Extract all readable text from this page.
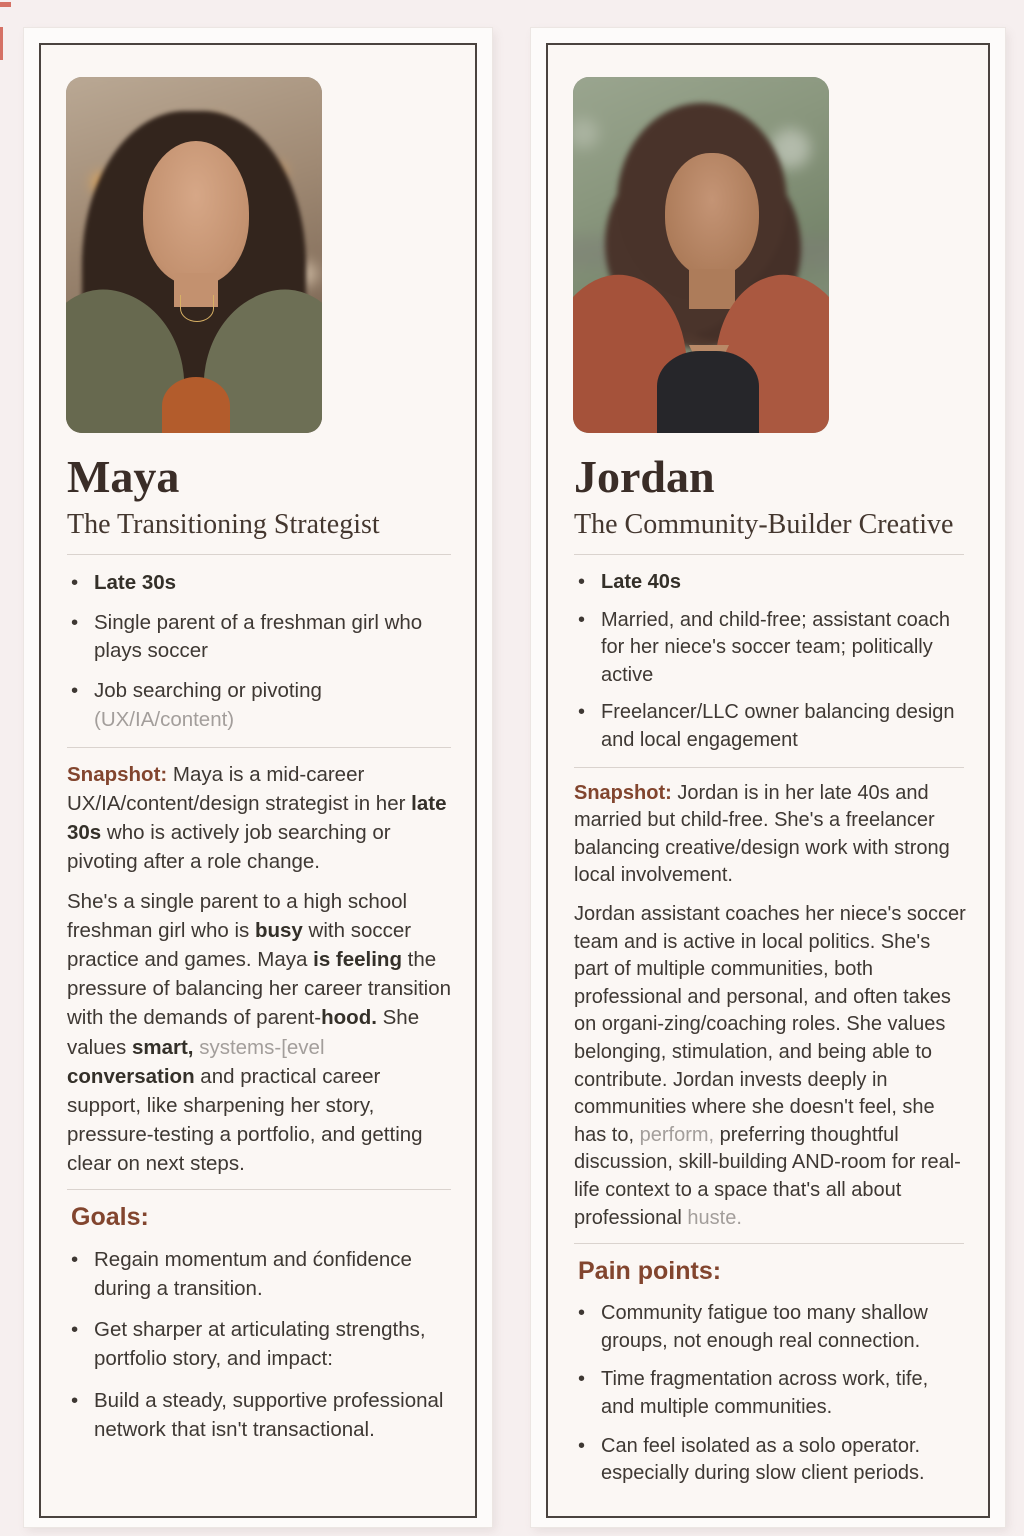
Maya
The Transitioning Strategist
• Late 30s
• Single parent of a freshman girl who plays soccer
• Job searching or pivoting (UX/IA/content)

Snapshot: Maya is a mid-career UX/IA/content/design strategist in her late 30s who is actively job searching or pivoting after a role change.

She's a single parent to a high school freshman girl who is busy with soccer practice and games. Maya is feeling the pressure of balancing her career transition with the demands of parent-hood. She values smart, systems-[evel conversation and practical career support, like sharpening her story, pressure-testing a portfolio, and getting clear on next steps.

Goals:
• Regain momentum and ćonfidence during a transition.
• Get sharper at articulating strengths, portfolio story, and impact:
• Build a steady, supportive professional network that isn't transactional.
Jordan
The Community-Builder Creative
• Late 40s
• Married, and child-free; assistant coach for her niece's soccer team; politically active
• Freelancer/LLC owner balancing design and local engagement

Snapshot: Jordan is in her late 40s and married but child-free. She's a freelancer balancing creative/design work with strong local involvement.

Jordan assistant coaches her niece's soccer team and is active in local politics. She's part of multiple communities, both professional and personal, and often takes on organi-zing/coaching roles. She values belonging, stimulation, and being able to contribute. Jordan invests deeply in communities where she doesn't feel, she has to, perform, preferring thoughtful discussion, skill-building AND-room for real-life context to a space that's all about professional huste.

Pain points:
• Community fatigue too many shallow groups, not enough real connection.
• Time fragmentation across work, tife, and multiple communities.
• Can feel isolated as a solo operator. especially during slow client periods.
